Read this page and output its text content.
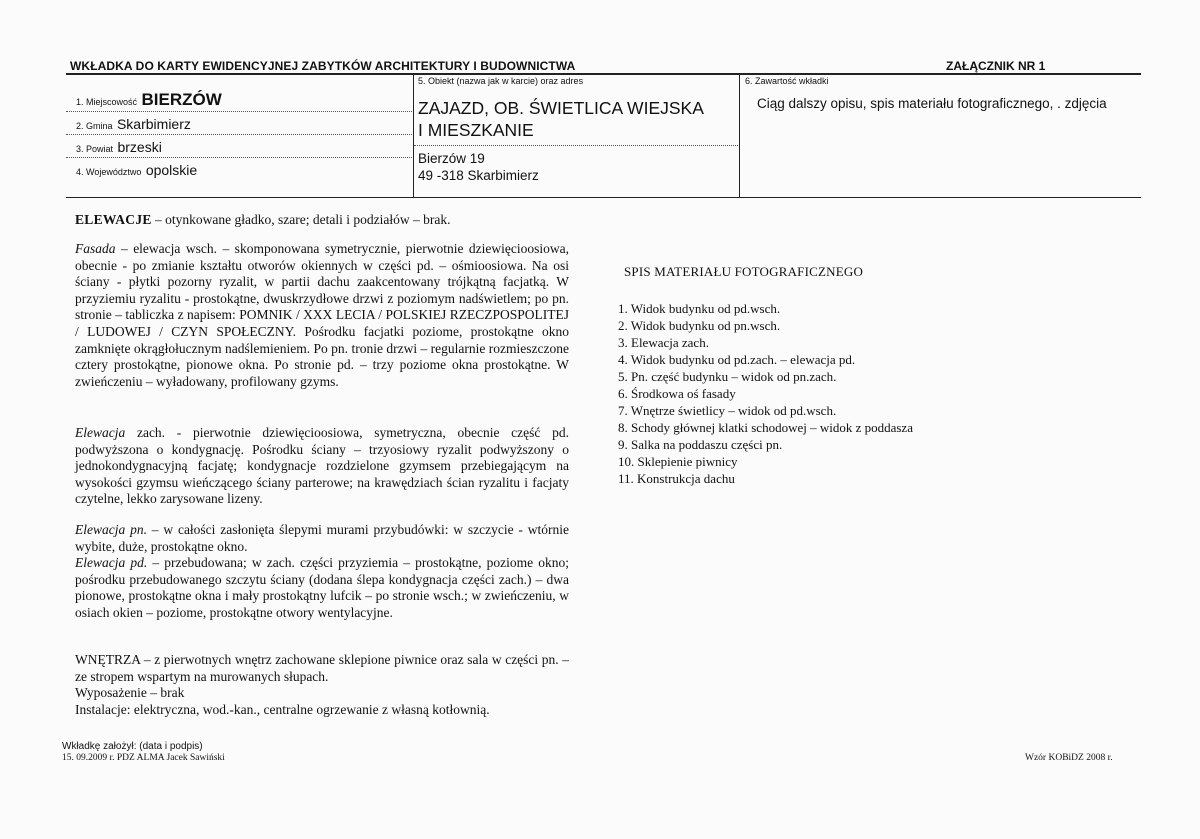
WKŁADKA DO KARTY EWIDENCYJNEJ ZABYTKÓW ARCHITEKTURY I BUDOWNICTWA	ZAŁĄCZNIK NR 1
1. Miejscowość BIERZÓW
2. Gmina Skarbimierz
3. Powiat brzeski
4. Województwo opolskie
5. Obiekt (nazwa jak w karcie) oraz adres
ZAJAZD, OB. ŚWIETLICA WIEJSKA
I MIESZKANIE
Bierzów 19
49 -318 Skarbimierz
6. Zawartość wkładki
Ciąg dalszy opisu, spis materiału fotograficznego, . zdjęcia

ELEWACJE – otynkowane gładko, szare; detali i podziałów – brak.

Fasada – elewacja wsch. – skomponowana symetrycznie, pierwotnie dziewięcioosiowa, obecnie - po zmianie kształtu otworów okiennych w części pd. – ośmioosiowa. Na osi ściany - płytki pozorny ryzalit, w partii dachu zaakcentowany trójkątną facjatką. W przyziemiu ryzalitu - prostokątne, dwuskrzydłowe drzwi z poziomym nadświetlem; po pn. stronie – tabliczka z napisem: POMNIK / XXX LECIA / POLSKIEJ RZECZPOSPOLITEJ / LUDOWEJ / CZYN SPOŁECZNY. Pośrodku facjatki poziome, prostokątne okno zamknięte okrągłołucznym nadślemieniem. Po pn. tronie drzwi – regularnie rozmieszczone cztery prostokątne, pionowe okna. Po stronie pd. – trzy poziome okna prostokątne. W zwieńczeniu – wyładowany, profilowany gzyms.

Elewacja zach. - pierwotnie dziewięcioosiowa, symetryczna, obecnie część pd. podwyższona o kondygnację. Pośrodku ściany – trzyosiowy ryzalit podwyższony o jednokondygnacyjną facjatę; kondygnacje rozdzielone gzymsem przebiegającym na wysokości gzymsu wieńczącego ściany parterowe; na krawędziach ścian ryzalitu i facjaty czytelne, lekko zarysowane lizeny.

Elewacja pn. – w całości zasłonięta ślepymi murami przybudówki: w szczycie - wtórnie wybite, duże, prostokątne okno.

Elewacja pd. – przebudowana; w zach. części przyziemia – prostokątne, poziome okno; pośrodku przebudowanego szczytu ściany (dodana ślepa kondygnacja części zach.) – dwa pionowe, prostokątne okna i mały prostokątny lufcik – po stronie wsch.; w zwieńczeniu, w osiach okien – poziome, prostokątne otwory wentylacyjne.

WNĘTRZA – z pierwotnych wnętrz zachowane sklepione piwnice oraz sala w części pn. – ze stropem wspartym na murowanych słupach.

Wyposażenie – brak

Instalacje: elektryczna, wod.-kan., centralne ogrzewanie z własną kotłownią.

SPIS MATERIAŁU FOTOGRAFICZNEGO
1. Widok budynku od pd.wsch.
2. Widok budynku od pn.wsch.
3. Elewacja zach.
4. Widok budynku od pd.zach. – elewacja pd.
5. Pn. część budynku – widok od pn.zach.
6. Środkowa oś fasady
7. Wnętrze świetlicy – widok od pd.wsch.
8. Schody głównej klatki schodowej – widok z poddasza
9. Salka na poddaszu części pn.
10. Sklepienie piwnicy
11. Konstrukcja dachu
Wkładkę założył: (data i podpis)
15. 09.2009 r. PDZ ALMA Jacek Sawiński	Wzór KOBiDZ 2008 r.
